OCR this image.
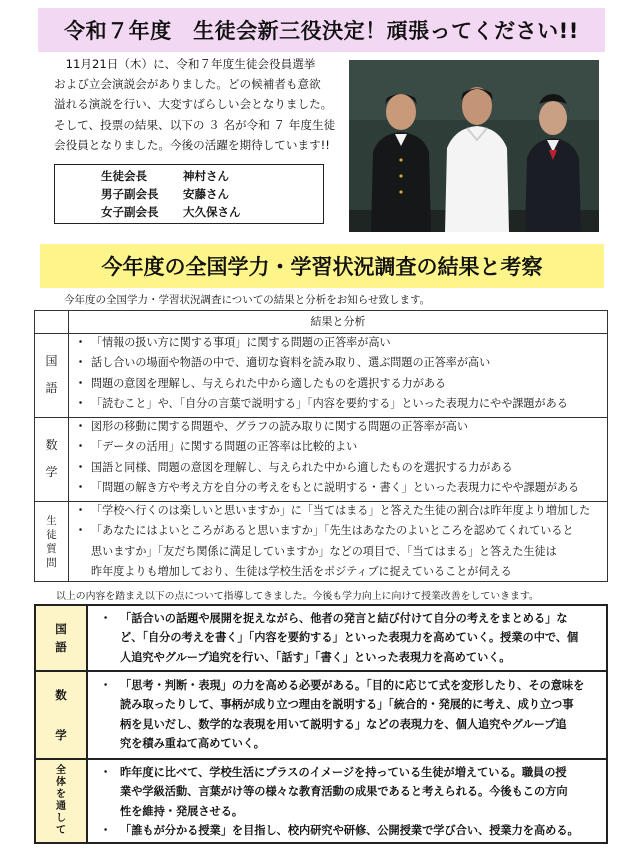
令和７年度　生徒会新三役決定！頑張ってください!!

　11月21日（木）に、令和７年度生徒会役員選挙

および立会演説会がありました。どの候補者も意欲

溢れる演説を行い、大変すばらしい会となりました。

そして、投票の結果、以下の ３ 名が令和 ７ 年度生徒

会役員となりました。今後の活躍を期待しています!!

生徒会長	神村さん
男子副会長 安藤さん
女子副会長 大久保さん
今年度の全国学力・学習状況調査の結果と考察
今年度の全国学力・学習状況調査についての結果と分析をお知らせ致します。
結果と分析
国
語
・ 「情報の扱い方に関する事項」に関する問題の正答率が高い
・ 話し合いの場面や物語の中で、適切な資料を読み取り、選ぶ問題の正答率が高い
・ 問題の意図を理解し、与えられた中から適したものを選択する力がある
・ 「読むこと」や、「自分の言葉で説明する」「内容を要約する」といった表現力にやや課題がある
数
学
・ 図形の移動に関する問題や、グラフの読み取りに関する問題の正答率が高い
・ 「データの活用」に関する問題の正答率は比較的よい
・ 国語と同様、問題の意図を理解し、与えられた中から適したものを選択する力がある
・ 「問題の解き方や考え方を自分の考えをもとに説明する・書く」といった表現力にやや課題がある
生
徒
質
問
・ 「学校へ行くのは楽しいと思いますか」に「当てはまる」と答えた生徒の割合は昨年度より増加した
・ 「あなたにはよいところがあると思いますか」「先生はあなたのよいところを認めてくれていると
思いますか」「友だち関係に満足していますか」などの項目で、「当てはまる」と答えた生徒は
昨年度よりも増加しており、生徒は学校生活をポジティブに捉えていることが伺える
以上の内容を踏まえ以下の点について指導してきました。今後も学力向上に向けて授業改善をしていきます。
国
語
・ 「話合いの話題や展開を捉えながら、他者の発言と結び付けて自分の考えをまとめる」な
ど、「自分の考えを書く」「内容を要約する」といった表現力を高めていく。授業の中で、個
人追究やグループ追究を行い、「話す」「書く」といった表現力を高めていく。
数
学
・ 「思考・判断・表現」の力を高める必要がある。「目的に応じて式を変形したり、その意味を
読み取ったりして、事柄が成り立つ理由を説明する」「統合的・発展的に考え、成り立つ事
柄を見いだし、数学的な表現を用いて説明する」などの表現力を、個人追究やグループ追
究を積み重ねて高めていく。
全
体
を
通
し
て
・ 昨年度に比べて、学校生活にプラスのイメージを持っている生徒が増えている。職員の授
業や学級活動、言葉がけ等の様々な教育活動の成果であると考えられる。今後もこの方向
性を維持・発展させる。
・ 「誰もが分かる授業」を目指し、校内研究や研修、公開授業で学び合い、授業力を高める。
